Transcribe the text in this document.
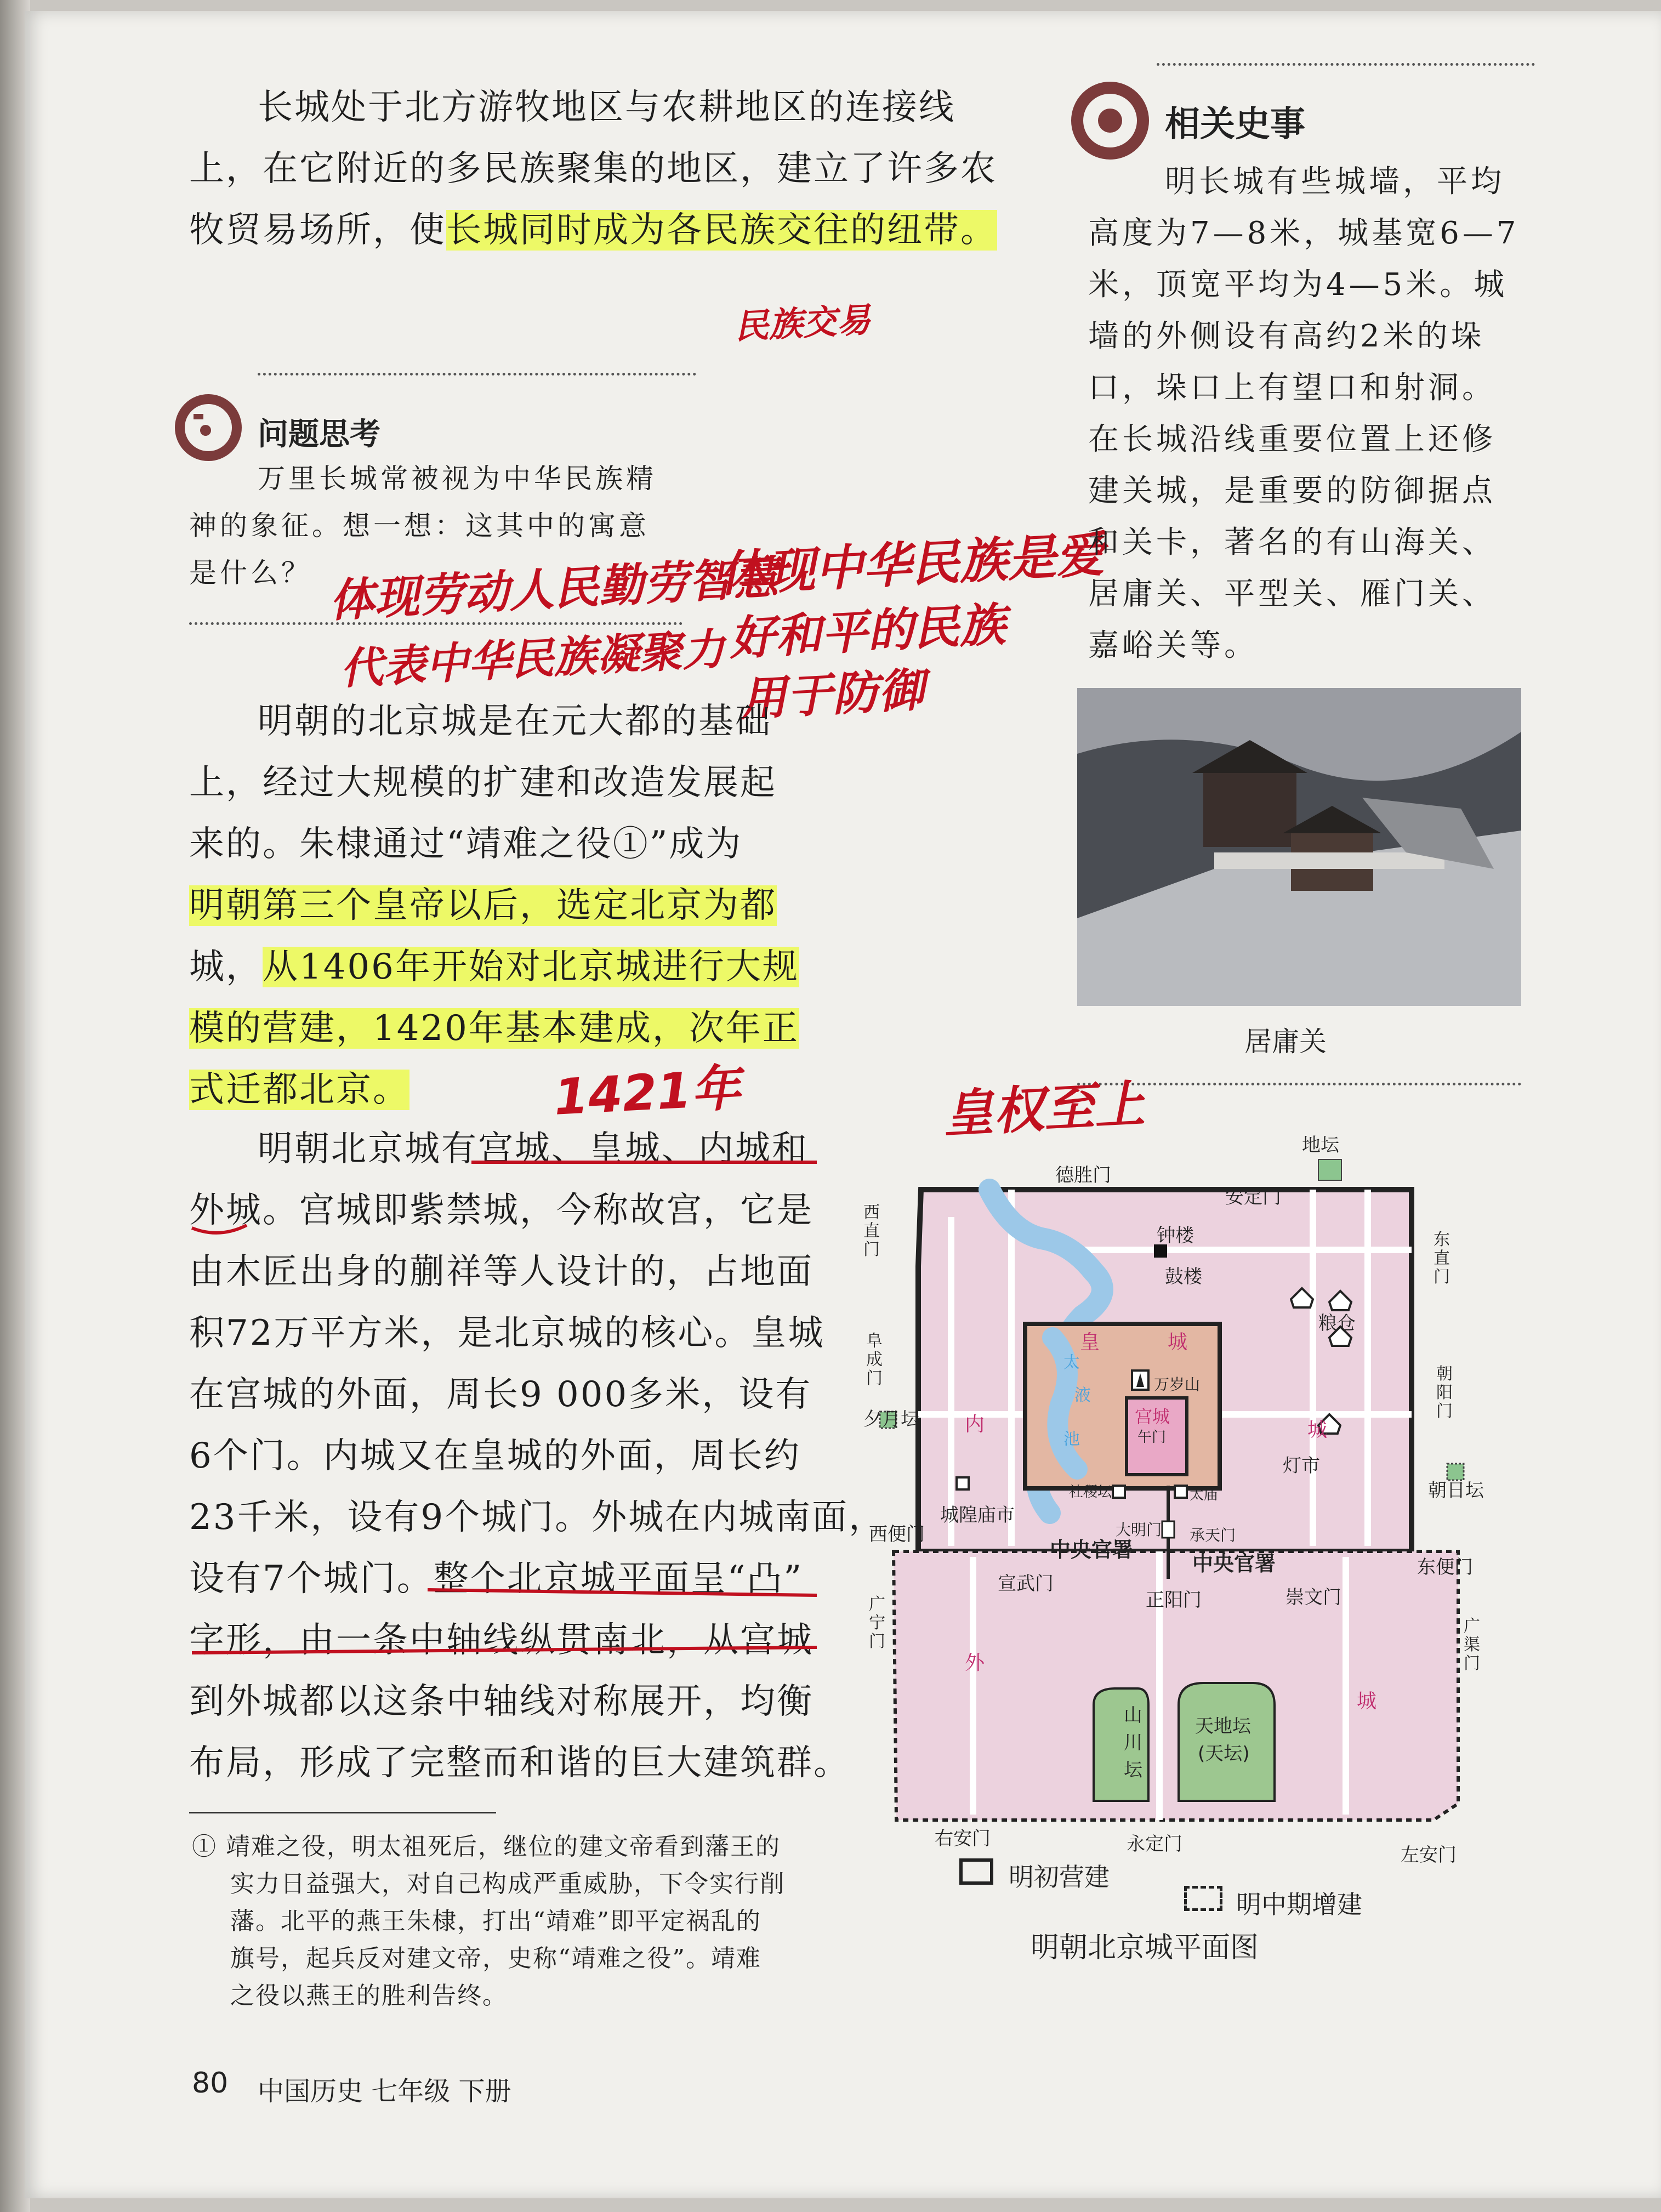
长城处于北方游牧地区与农耕地区的连接线
上，在它附近的多民族聚集的地区，建立了许多农
牧贸易场所，使长城同时成为各民族交往的纽带。
民族交易
问题思考
万里长城常被视为中华民族精
神的象征。想一想：这其中的寓意
是什么？ 体现劳动人民勤劳智慧
代表中华民族凝聚力
体现中华民族是爱
好和平的民族
用于防御
明朝的北京城是在元大都的基础
上，经过大规模的扩建和改造发展起
来的。朱棣通过“靖难之役①”成为
明朝第三个皇帝以后，选定北京为都
城，从1406年开始对北京城进行大规
模的营建，1420年基本建成，次年正
式迁都北京。	1421年
明朝北京城有宫城、皇城、内城和
外城。宫城即紫禁城，今称故宫，它是
由木匠出身的蒯祥等人设计的，占地面
积72万平方米，是北京城的核心。皇城
在宫城的外面，周长9 000多米，设有
6个门。内城又在皇城的外面，周长约
23千米，设有9个城门。外城在内城南面，
设有7个城门。整个北京城平面呈“凸”
字形，由一条中轴线纵贯南北，从宫城
到外城都以这条中轴线对称展开，均衡
布局，形成了完整而和谐的巨大建筑群。
① 靖难之役，明太祖死后，继位的建文帝看到藩王的
实力日益强大，对自己构成严重威胁，下令实行削
藩。北平的燕王朱棣，打出“靖难”即平定祸乱的
旗号，起兵反对建文帝，史称“靖难之役”。靖难
之役以燕王的胜利告终。
80 中国历史 七年级 下册
相关史事
明长城有些城墙，平均
高度为7—8米，城基宽6—7
米，顶宽平均为4—5米。城
墙的外侧设有高约2米的垛
口，垛口上有望口和射洞。
在长城沿线重要位置上还修
建关城，是重要的防御据点
和关卡，著名的有山海关、
居庸关、平型关、雁门关、
嘉峪关等。
居庸关
皇权至上
德胜门
安定门
地坛
钟楼
鼓楼
粮仓
万岁山
午门
灯市
社稷坛	太庙
城隍庙市
西便门
东便门
大明门 承天门
中央官署
中央官署
宣武门
正阳门	崇文门
山
川
坛
天地坛
(天坛)
右安门	永定门	左安门
夕月坛
朝日坛
皇	城
太
液
池
宫城
内	城
外
城
西直门
东直门
阜成门	朝阳门
广宁门
广渠门
明初营建
明中期增建
明朝北京城平面图
